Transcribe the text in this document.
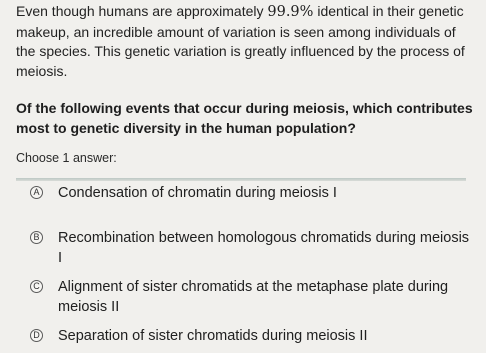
Even though humans are approximately 99.9% identical in their genetic makeup, an incredible amount of variation is seen among individuals of the species. This genetic variation is greatly influenced by the process of meiosis.

Of the following events that occur during meiosis, which contributes most to genetic diversity in the human population?

Choose 1 answer:

A Condensation of chromatin during meiosis I
B Recombination between homologous chromatids during meiosis I
C Alignment of sister chromatids at the metaphase plate during meiosis II
D Separation of sister chromatids during meiosis II
